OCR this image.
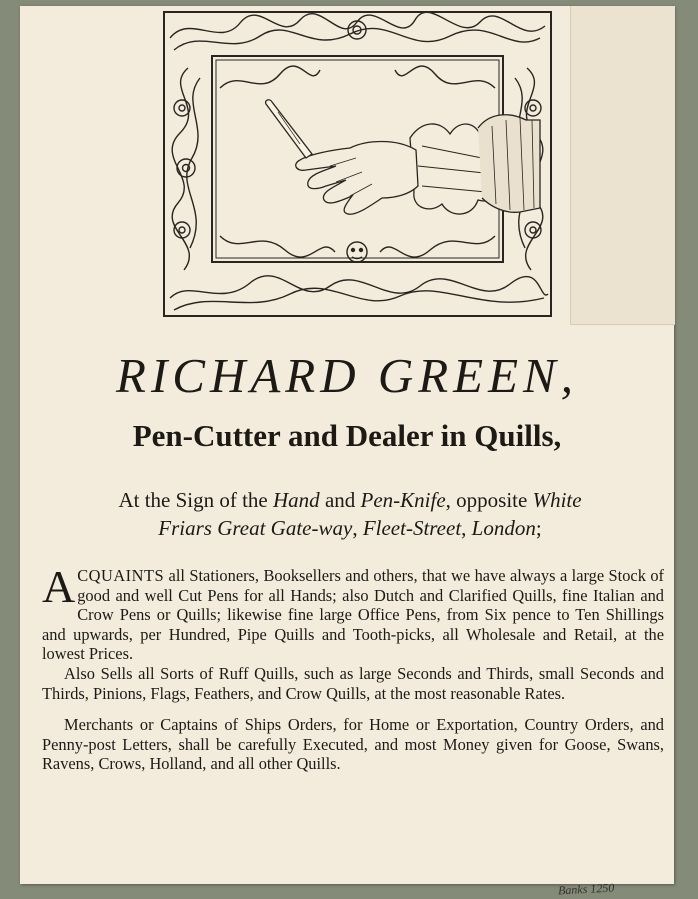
RICHARD GREEN,
Pen-Cutter and Dealer in Quills,
At the Sign of the Hand and Pen-Knife, opposite White
Friars Great Gate-way, Fleet-Street, London;

ACQUAINTS all Stationers, Booksellers and others, that we have always a large Stock of good and well Cut Pens for all Hands; also Dutch and Clarified Quills, fine Italian and Crow Pens or Quills; likewise fine large Office Pens, from Six pence to Ten Shillings and upwards, per Hundred, Pipe Quills and Tooth-picks, all Wholesale and Retail, at the lowest Prices.

Also Sells all Sorts of Ruff Quills, such as large Seconds and Thirds, small Seconds and Thirds, Pinions, Flags, Feathers, and Crow Quills, at the most reasonable Rates.

Merchants or Captains of Ships Orders, for Home or Exportation, Country Orders, and Penny-post Letters, shall be carefully Executed, and most Money given for Goose, Swans, Ravens, Crows, Holland, and all other Quills.

Banks 1250
